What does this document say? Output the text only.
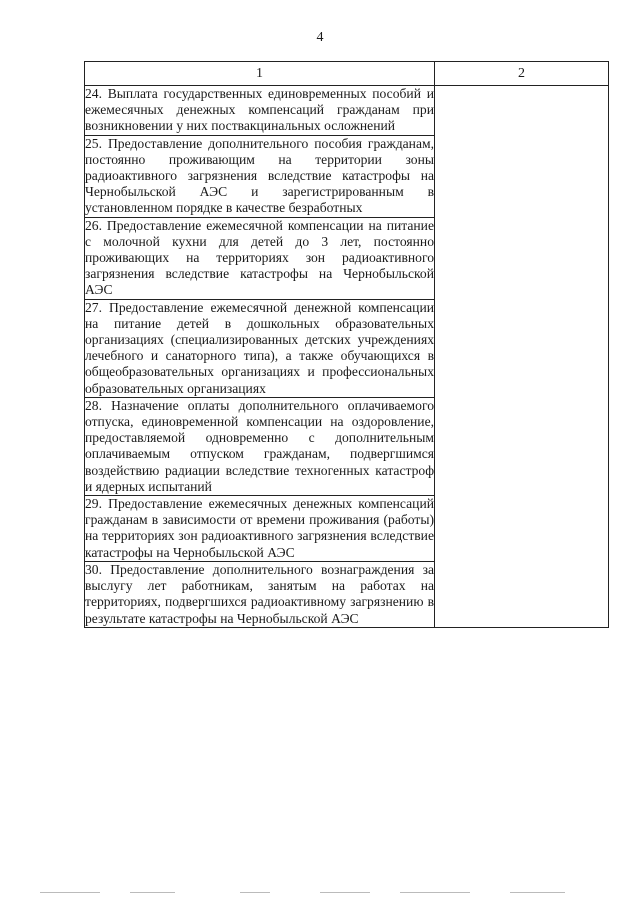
4
1	2

24. Выплата государственных единовременных пособий и ежемесячных денежных компенсаций гражданам при возникновении у них поствакцинальных осложнений	

25. Предоставление дополнительного пособия гражданам, постоянно проживающим на территории зоны радиоактивного загрязнения вследствие катастрофы на Чернобыльской АЭС и зарегистрированным в установленном порядке в качестве безработных	

26. Предоставление ежемесячной компенсации на питание с молочной кухни для детей до 3 лет, постоянно проживающих на территориях зон радиоактивного загрязнения вследствие катастрофы на Чернобыльской АЭС	

27. Предоставление ежемесячной денежной компенсации на питание детей в дошкольных образовательных организациях (специализированных детских учреждениях лечебного и санаторного типа), а также обучающихся в общеобразовательных организациях и профессиональных образовательных организациях	

28. Назначение оплаты дополнительного оплачиваемого отпуска, единовременной компенсации на оздоровление, предоставляемой одновременно с дополнительным оплачиваемым отпуском гражданам, подвергшимся воздействию радиации вследствие техногенных катастроф и ядерных испытаний	

29. Предоставление ежемесячных денежных компенсаций гражданам в зависимости от времени проживания (работы) на территориях зон радиоактивного загрязнения вследствие катастрофы на Чернобыльской АЭС	

30. Предоставление дополнительного вознаграждения за выслугу лет работникам, занятым на работах на территориях, подвергшихся радиоактивному загрязнению в результате катастрофы на Чернобыльской АЭС	
